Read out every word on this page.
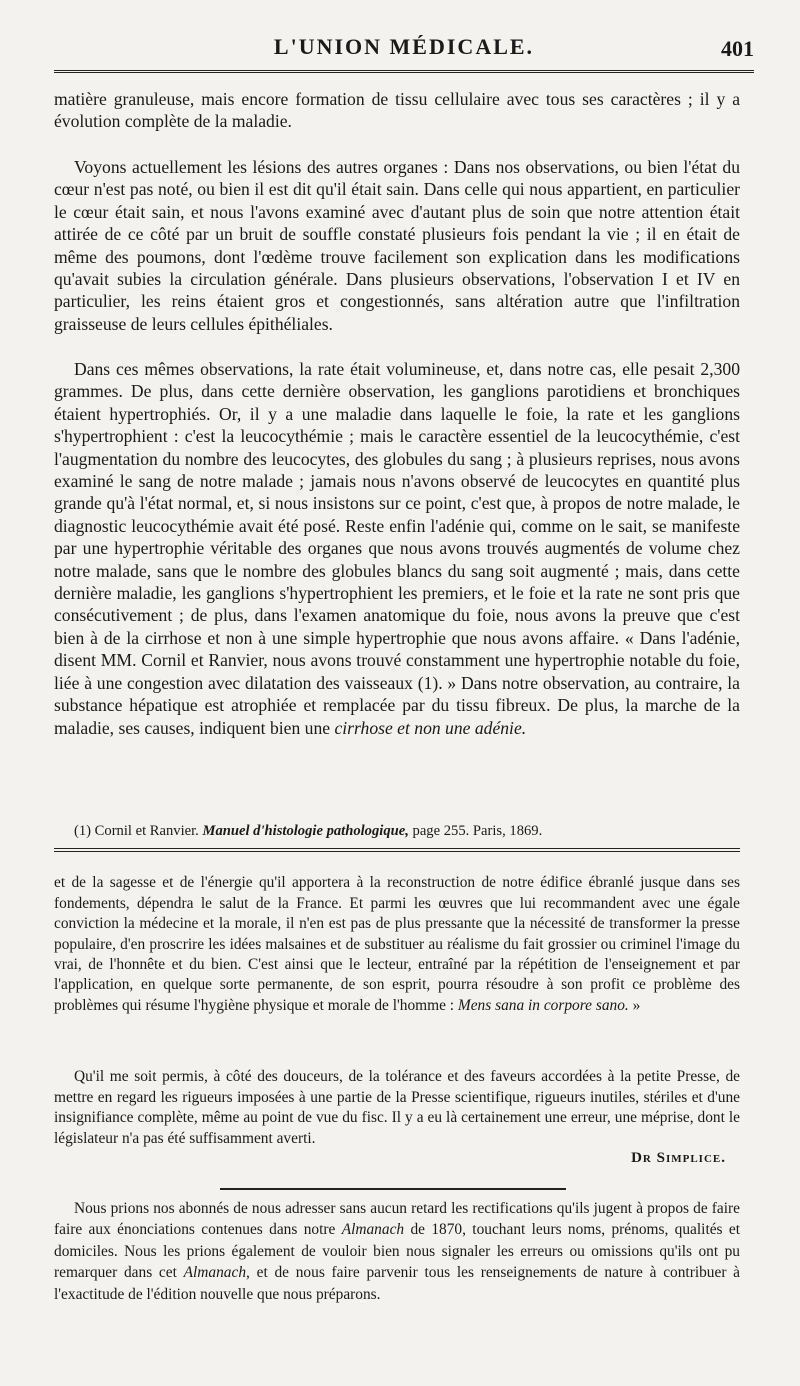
L'UNION MÉDICALE.	401

matière granuleuse, mais encore formation de tissu cellulaire avec tous ses caractères ; il y a évolution complète de la maladie.

Voyons actuellement les lésions des autres organes : Dans nos observations, ou bien l'état du cœur n'est pas noté, ou bien il est dit qu'il était sain. Dans celle qui nous appartient, en particulier le cœur était sain, et nous l'avons examiné avec d'autant plus de soin que notre attention était attirée de ce côté par un bruit de souffle constaté plusieurs fois pendant la vie ; il en était de même des poumons, dont l'œdème trouve facilement son explication dans les modifications qu'avait subies la circulation générale. Dans plusieurs observations, l'observation I et IV en particulier, les reins étaient gros et congestionnés, sans altération autre que l'infiltration graisseuse de leurs cellules épithéliales.

Dans ces mêmes observations, la rate était volumineuse, et, dans notre cas, elle pesait 2,300 grammes. De plus, dans cette dernière observation, les ganglions parotidiens et bronchiques étaient hypertrophiés. Or, il y a une maladie dans laquelle le foie, la rate et les ganglions s'hypertrophient : c'est la leucocythémie ; mais le caractère essentiel de la leucocythémie, c'est l'augmentation du nombre des leucocytes, des globules du sang ; à plusieurs reprises, nous avons examiné le sang de notre malade ; jamais nous n'avons observé de leucocytes en quantité plus grande qu'à l'état normal, et, si nous insistons sur ce point, c'est que, à propos de notre malade, le diagnostic leucocythémie avait été posé. Reste enfin l'adénie qui, comme on le sait, se manifeste par une hypertrophie véritable des organes que nous avons trouvés augmentés de volume chez notre malade, sans que le nombre des globules blancs du sang soit augmenté ; mais, dans cette dernière maladie, les ganglions s'hypertrophient les premiers, et le foie et la rate ne sont pris que consécutivement ; de plus, dans l'examen anatomique du foie, nous avons la preuve que c'est bien à de la cirrhose et non à une simple hypertrophie que nous avons affaire. « Dans l'adénie, disent MM. Cornil et Ranvier, nous avons trouvé constamment une hypertrophie notable du foie, liée à une congestion avec dilatation des vaisseaux (1). » Dans notre observation, au contraire, la substance hépatique est atrophiée et remplacée par du tissu fibreux. De plus, la marche de la maladie, ses causes, indiquent bien une cirrhose et non une adénie.

(1) Cornil et Ranvier. Manuel d'histologie pathologique, page 255. Paris, 1869.

et de la sagesse et de l'énergie qu'il apportera à la reconstruction de notre édifice ébranlé jusque dans ses fondements, dépendra le salut de la France. Et parmi les œuvres que lui recommandent avec une égale conviction la médecine et la morale, il n'en est pas de plus pressante que la nécessité de transformer la presse populaire, d'en proscrire les idées malsaines et de substituer au réalisme du fait grossier ou criminel l'image du vrai, de l'honnête et du bien. C'est ainsi que le lecteur, entraîné par la répétition de l'enseignement et par l'application, en quelque sorte permanente, de son esprit, pourra résoudre à son profit ce problème des problèmes qui résume l'hygiène physique et morale de l'homme : Mens sana in corpore sano. »

Qu'il me soit permis, à côté des douceurs, de la tolérance et des faveurs accordées à la petite Presse, de mettre en regard les rigueurs imposées à une partie de la Presse scientifique, rigueurs inutiles, stériles et d'une insignifiance complète, même au point de vue du fisc. Il y a eu là certainement une erreur, une méprise, dont le législateur n'a pas été suffisamment averti.

Dr Simplice.
Nous prions nos abonnés de nous adresser sans aucun retard les rectifications qu'ils jugent à propos de faire faire aux énonciations contenues dans notre Almanach de 1870, touchant leurs noms, prénoms, qualités et domiciles. Nous les prions également de vouloir bien nous signaler les erreurs ou omissions qu'ils ont pu remarquer dans cet Almanach, et de nous faire parvenir tous les renseignements de nature à contribuer à l'exactitude de l'édition nouvelle que nous préparons.
